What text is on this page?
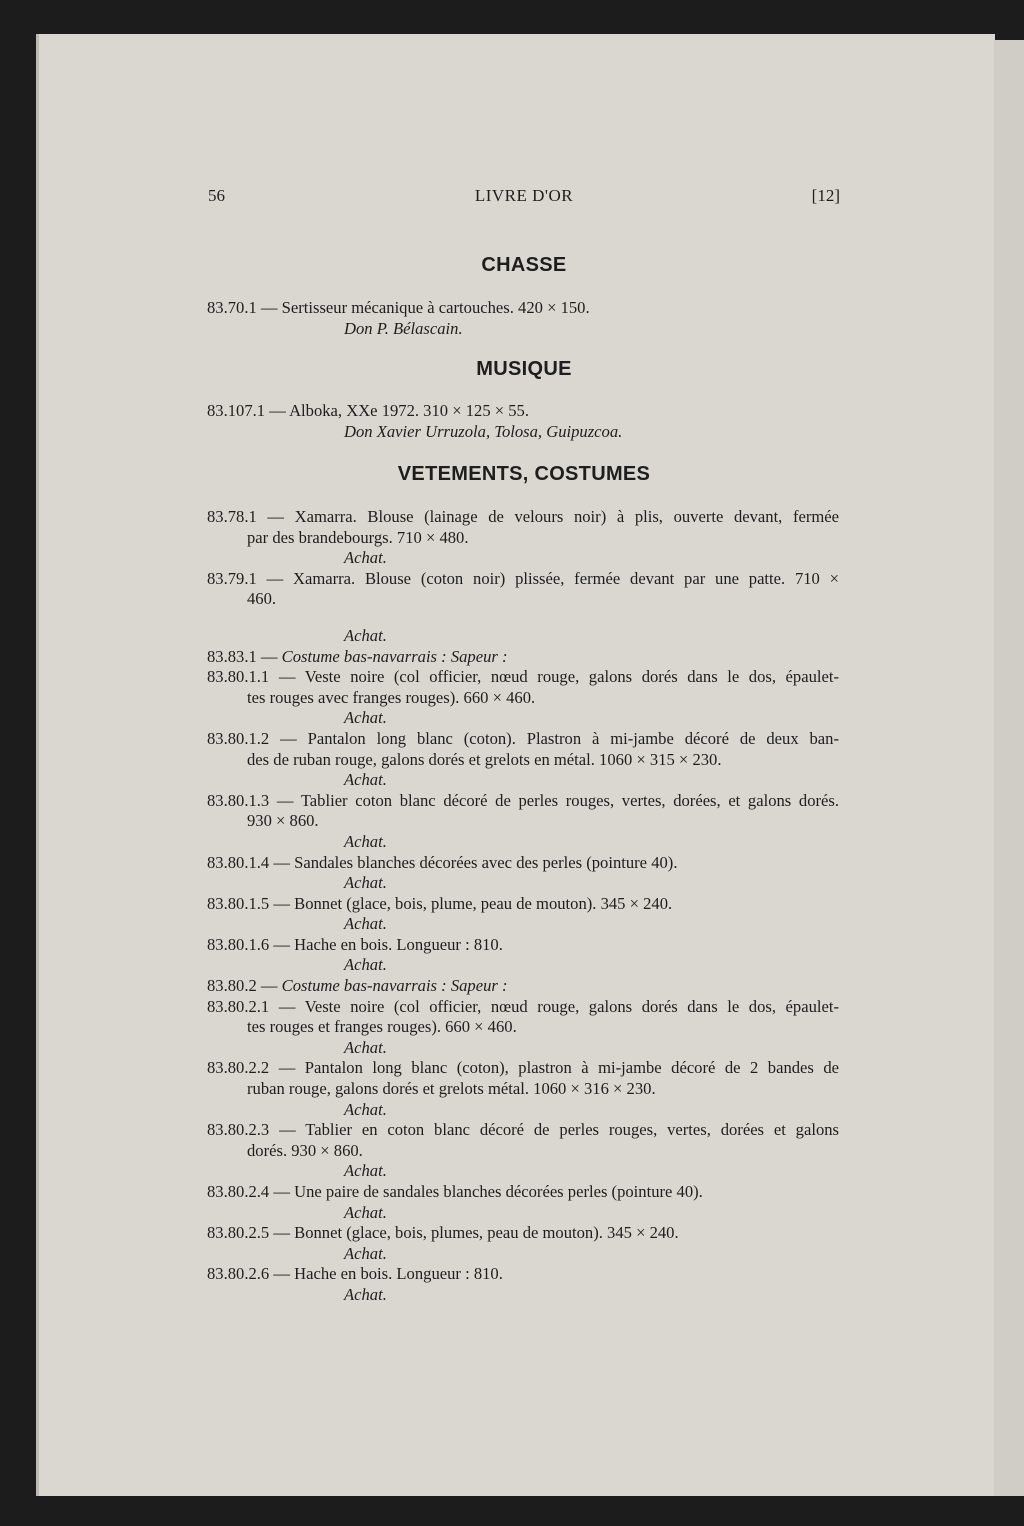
56	LIVRE D'OR	[12]
CHASSE
83.70.1 — Sertisseur mécanique à cartouches. 420 × 150.
Don P. Bélascain.
MUSIQUE
83.107.1 — Alboka, XXe 1972. 310 × 125 × 55.
Don Xavier Urruzola, Tolosa, Guipuzcoa.
VETEMENTS, COSTUMES
83.78.1 — Xamarra. Blouse (lainage de velours noir) à plis, ouverte devant, fermée
par des brandebourgs. 710 × 480.
Achat.
83.79.1 — Xamarra. Blouse (coton noir) plissée, fermée devant par une patte. 710 ×
460.
Achat.
83.83.1 — Costume bas-navarrais : Sapeur :
83.80.1.1 — Veste noire (col officier, nœud rouge, galons dorés dans le dos, épaulet-
tes rouges avec franges rouges). 660 × 460.
Achat.
83.80.1.2 — Pantalon long blanc (coton). Plastron à mi-jambe décoré de deux ban-
des de ruban rouge, galons dorés et grelots en métal. 1060 × 315 × 230.
Achat.
83.80.1.3 — Tablier coton blanc décoré de perles rouges, vertes, dorées, et galons dorés.
930 × 860.
Achat.
83.80.1.4 — Sandales blanches décorées avec des perles (pointure 40).
Achat.
83.80.1.5 — Bonnet (glace, bois, plume, peau de mouton). 345 × 240.
Achat.
83.80.1.6 — Hache en bois. Longueur : 810.
Achat.
83.80.2 — Costume bas-navarrais : Sapeur :
83.80.2.1 — Veste noire (col officier, nœud rouge, galons dorés dans le dos, épaulet-
tes rouges et franges rouges). 660 × 460.
Achat.
83.80.2.2 — Pantalon long blanc (coton), plastron à mi-jambe décoré de 2 bandes de
ruban rouge, galons dorés et grelots métal. 1060 × 316 × 230.
Achat.
83.80.2.3 — Tablier en coton blanc décoré de perles rouges, vertes, dorées et galons
dorés. 930 × 860.
Achat.
83.80.2.4 — Une paire de sandales blanches décorées perles (pointure 40).
Achat.
83.80.2.5 — Bonnet (glace, bois, plumes, peau de mouton). 345 × 240.
Achat.
83.80.2.6 — Hache en bois. Longueur : 810.
Achat.
